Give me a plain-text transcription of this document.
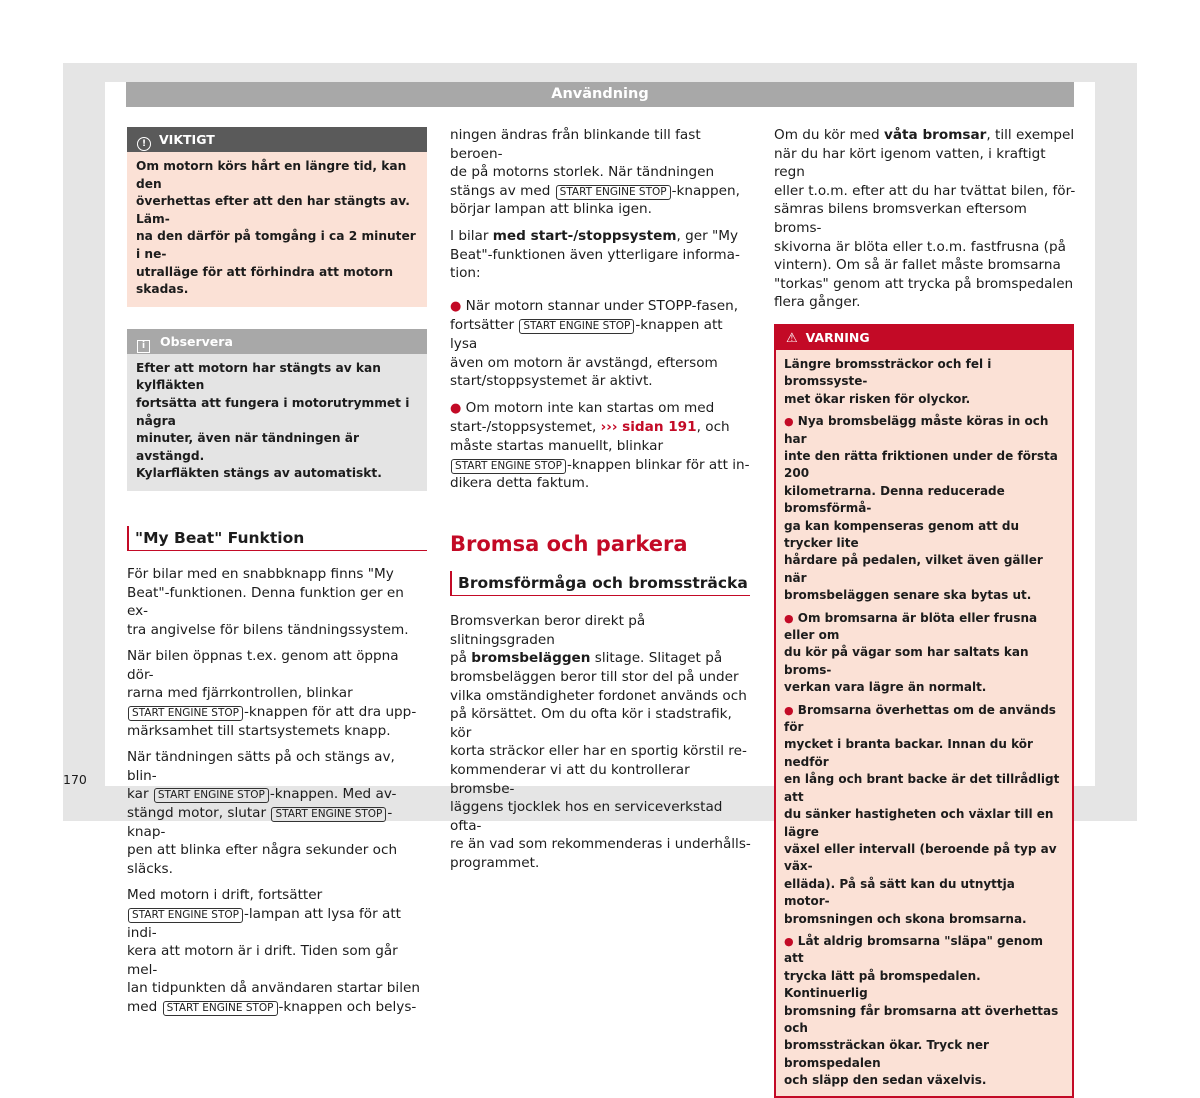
Användning
! VIKTIGT
Om motorn körs hårt en längre tid, kan den
överhettas efter att den har stängts av. Läm-
na den därför på tomgång i ca 2 minuter i ne-
utralläge för att förhindra att motorn skadas.
i Observera
Efter att motorn har stängts av kan kylfläkten
fortsätta att fungera i motorutrymmet i några
minuter, även när tändningen är avstängd.
Kylarfläkten stängs av automatiskt.
"My Beat" Funktion

För bilar med en snabbknapp finns "My
Beat"-funktionen. Denna funktion ger en ex-
tra angivelse för bilens tändningssystem.

När bilen öppnas t.ex. genom att öppna dör-
rarna med fjärrkontrollen, blinkar
START ENGINE STOP -knappen för att dra upp-
märksamhet till startsystemets knapp.

När tändningen sätts på och stängs av, blin-
kar START ENGINE STOP -knappen. Med av-
stängd motor, slutar START ENGINE STOP -knap-
pen att blinka efter några sekunder och
släcks.

Med motorn i drift, fortsätter
START ENGINE STOP -lampan att lysa för att indi-
kera att motorn är i drift. Tiden som går mel-
lan tidpunkten då användaren startar bilen
med START ENGINE STOP -knappen och belys-

ningen ändras från blinkande till fast beroen-
de på motorns storlek. När tändningen
stängs av med START ENGINE STOP -knappen,
börjar lampan att blinka igen.

I bilar med start-/stoppsystem, ger "My
Beat"-funktionen även ytterligare informa-
tion:

● När motorn stannar under STOPP-fasen,
fortsätter START ENGINE STOP -knappen att lysa
även om motorn är avstängd, eftersom
start/stoppsystemet är aktivt.

● Om motorn inte kan startas om med
start-/stoppsystemet, ››› sidan 191, och
måste startas manuellt, blinkar
START ENGINE STOP -knappen blinkar för att in-
dikera detta faktum.

Bromsa och parkera
Bromsförmåga och bromssträcka

Bromsverkan beror direkt på slitningsgraden
på bromsbeläggen slitage. Slitaget på
bromsbeläggen beror till stor del på under
vilka omständigheter fordonet används och
på körsättet. Om du ofta kör i stadstrafik, kör
korta sträckor eller har en sportig körstil re-
kommenderar vi att du kontrollerar bromsbe-
läggens tjocklek hos en serviceverkstad ofta-
re än vad som rekommenderas i underhålls-
programmet.

Om du kör med våta bromsar, till exempel
när du har kört igenom vatten, i kraftigt regn
eller t.o.m. efter att du har tvättat bilen, för-
sämras bilens bromsverkan eftersom broms-
skivorna är blöta eller t.o.m. fastfrusna (på
vintern). Om så är fallet måste bromsarna
"torkas" genom att trycka på bromspedalen
flera gånger.

⚠ VARNING
Längre bromssträckor och fel i bromssyste-
met ökar risken för olyckor.
● Nya bromsbelägg måste köras in och har
inte den rätta friktionen under de första 200
kilometrarna. Denna reducerade bromsförmå-
ga kan kompenseras genom att du trycker lite
hårdare på pedalen, vilket även gäller när
bromsbeläggen senare ska bytas ut.
● Om bromsarna är blöta eller frusna eller om
du kör på vägar som har saltats kan broms-
verkan vara lägre än normalt.
● Bromsarna överhettas om de används för
mycket i branta backar. Innan du kör nedför
en lång och brant backe är det tillrådligt att
du sänker hastigheten och växlar till en lägre
växel eller intervall (beroende på typ av väx-
elläda). På så sätt kan du utnyttja motor-
bromsningen och skona bromsarna.
● Låt aldrig bromsarna "släpa" genom att
trycka lätt på bromspedalen. Kontinuerlig
bromsning får bromsarna att överhettas och
bromssträckan ökar. Tryck ner bromspedalen
och släpp den sedan växelvis.
170
